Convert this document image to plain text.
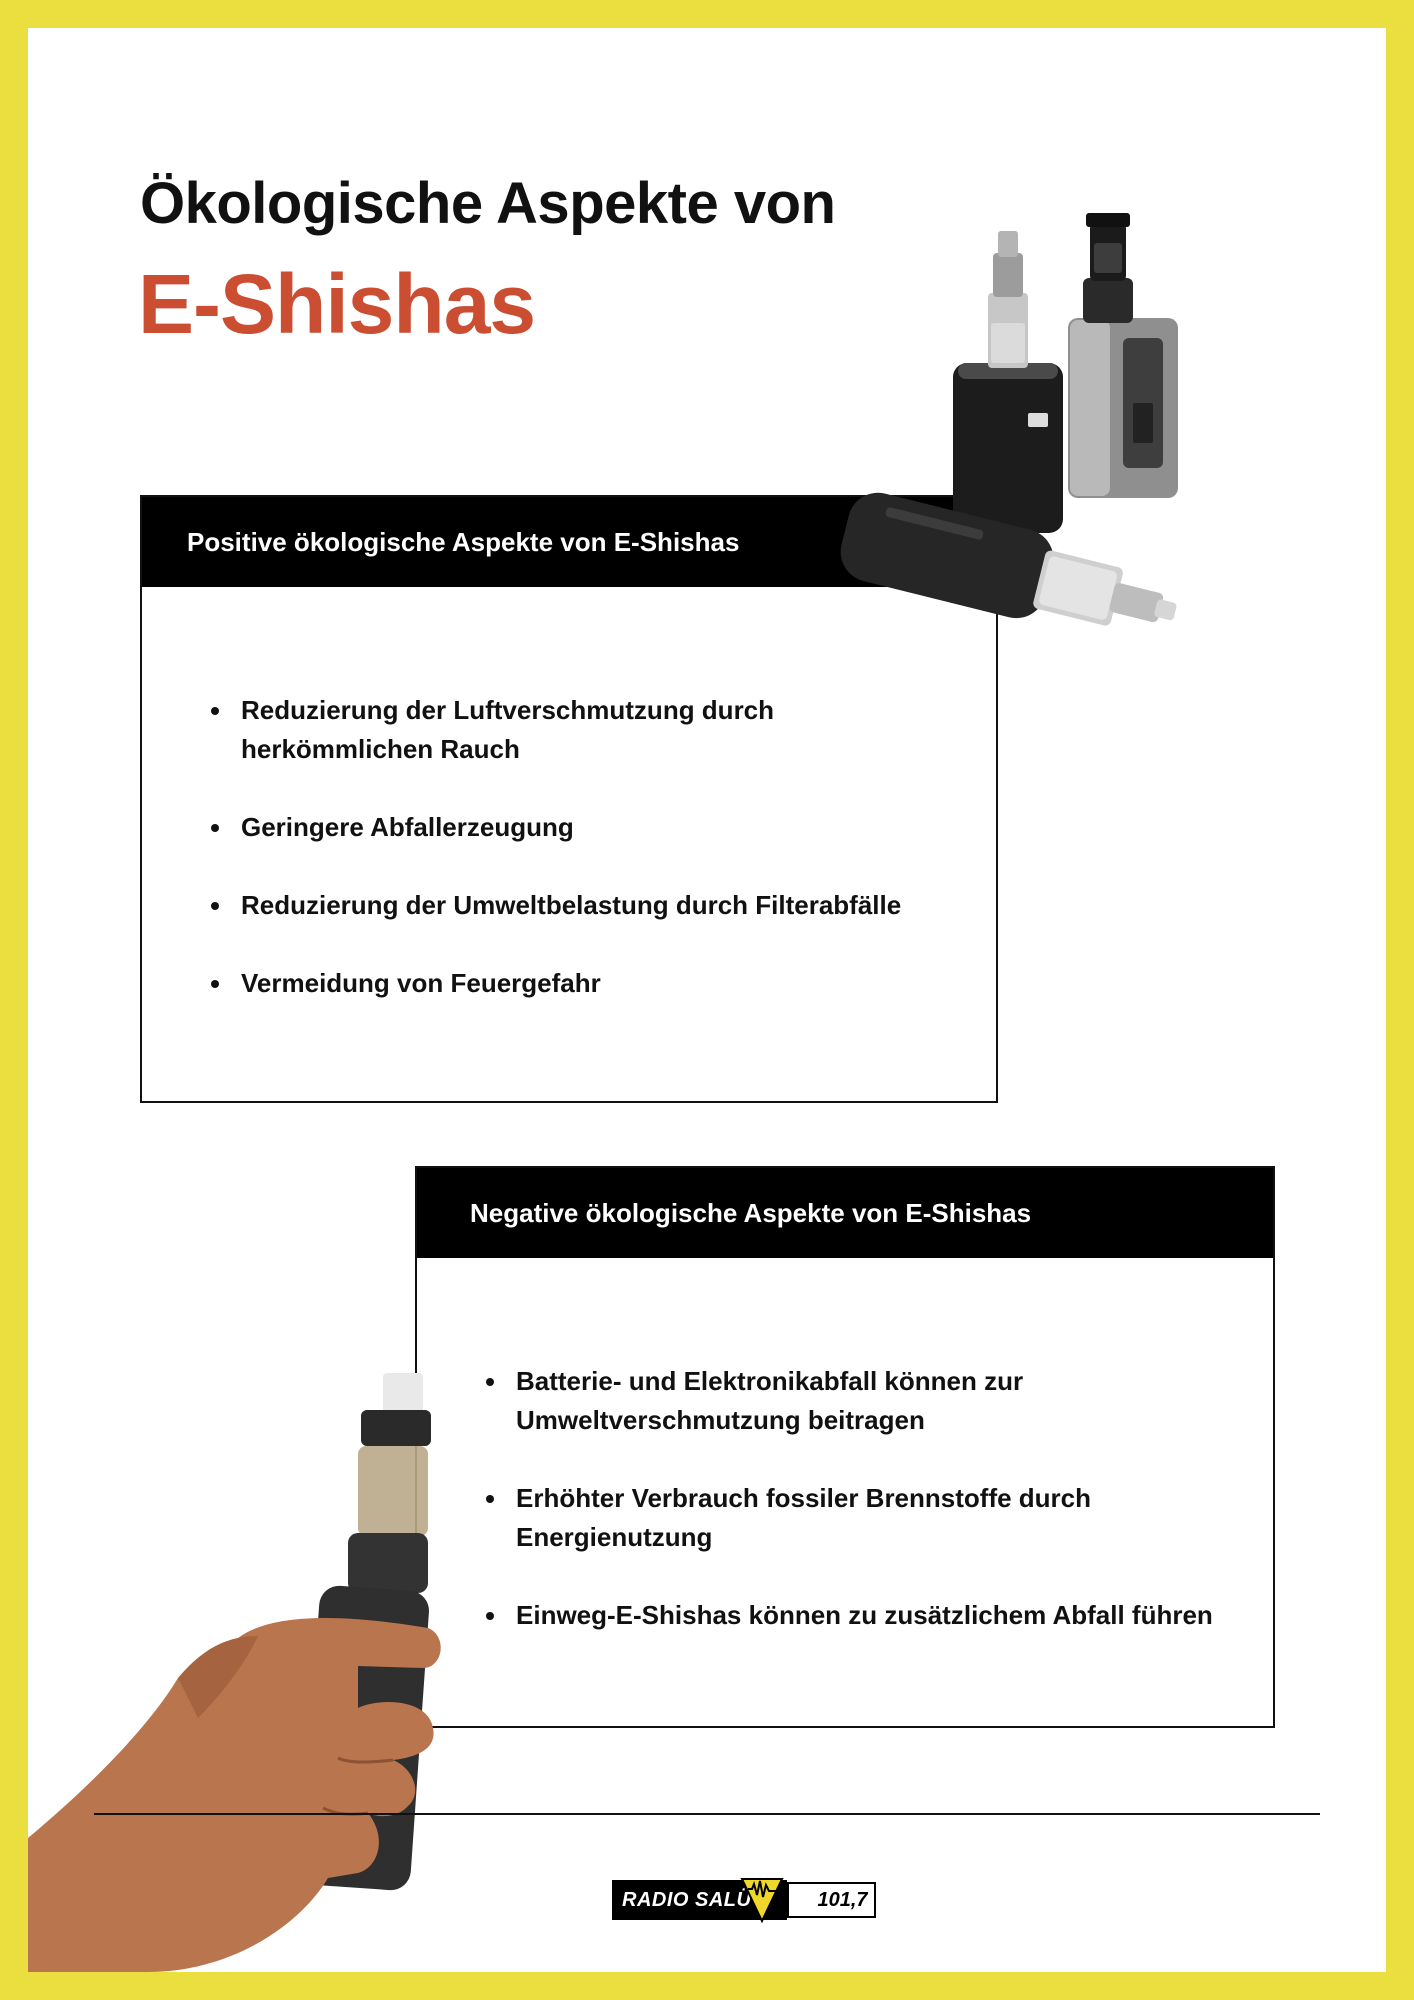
Ökologische Aspekte von
E-Shishas
Positive ökologische Aspekte von E-Shishas
Reduzierung der Luftverschmutzung durch herkömmlichen Rauch
Geringere Abfallerzeugung
Reduzierung der Umweltbelastung durch Filterabfälle
Vermeidung von Feuergefahr
Negative ökologische Aspekte von E-Shishas
Batterie- und Elektronikabfall können zur Umweltverschmutzung beitragen
Erhöhter Verbrauch fossiler Brennstoffe durch Energienutzung
Einweg-E-Shishas können zu zusätzlichem Abfall führen
RADIO SALÜ	101,7
